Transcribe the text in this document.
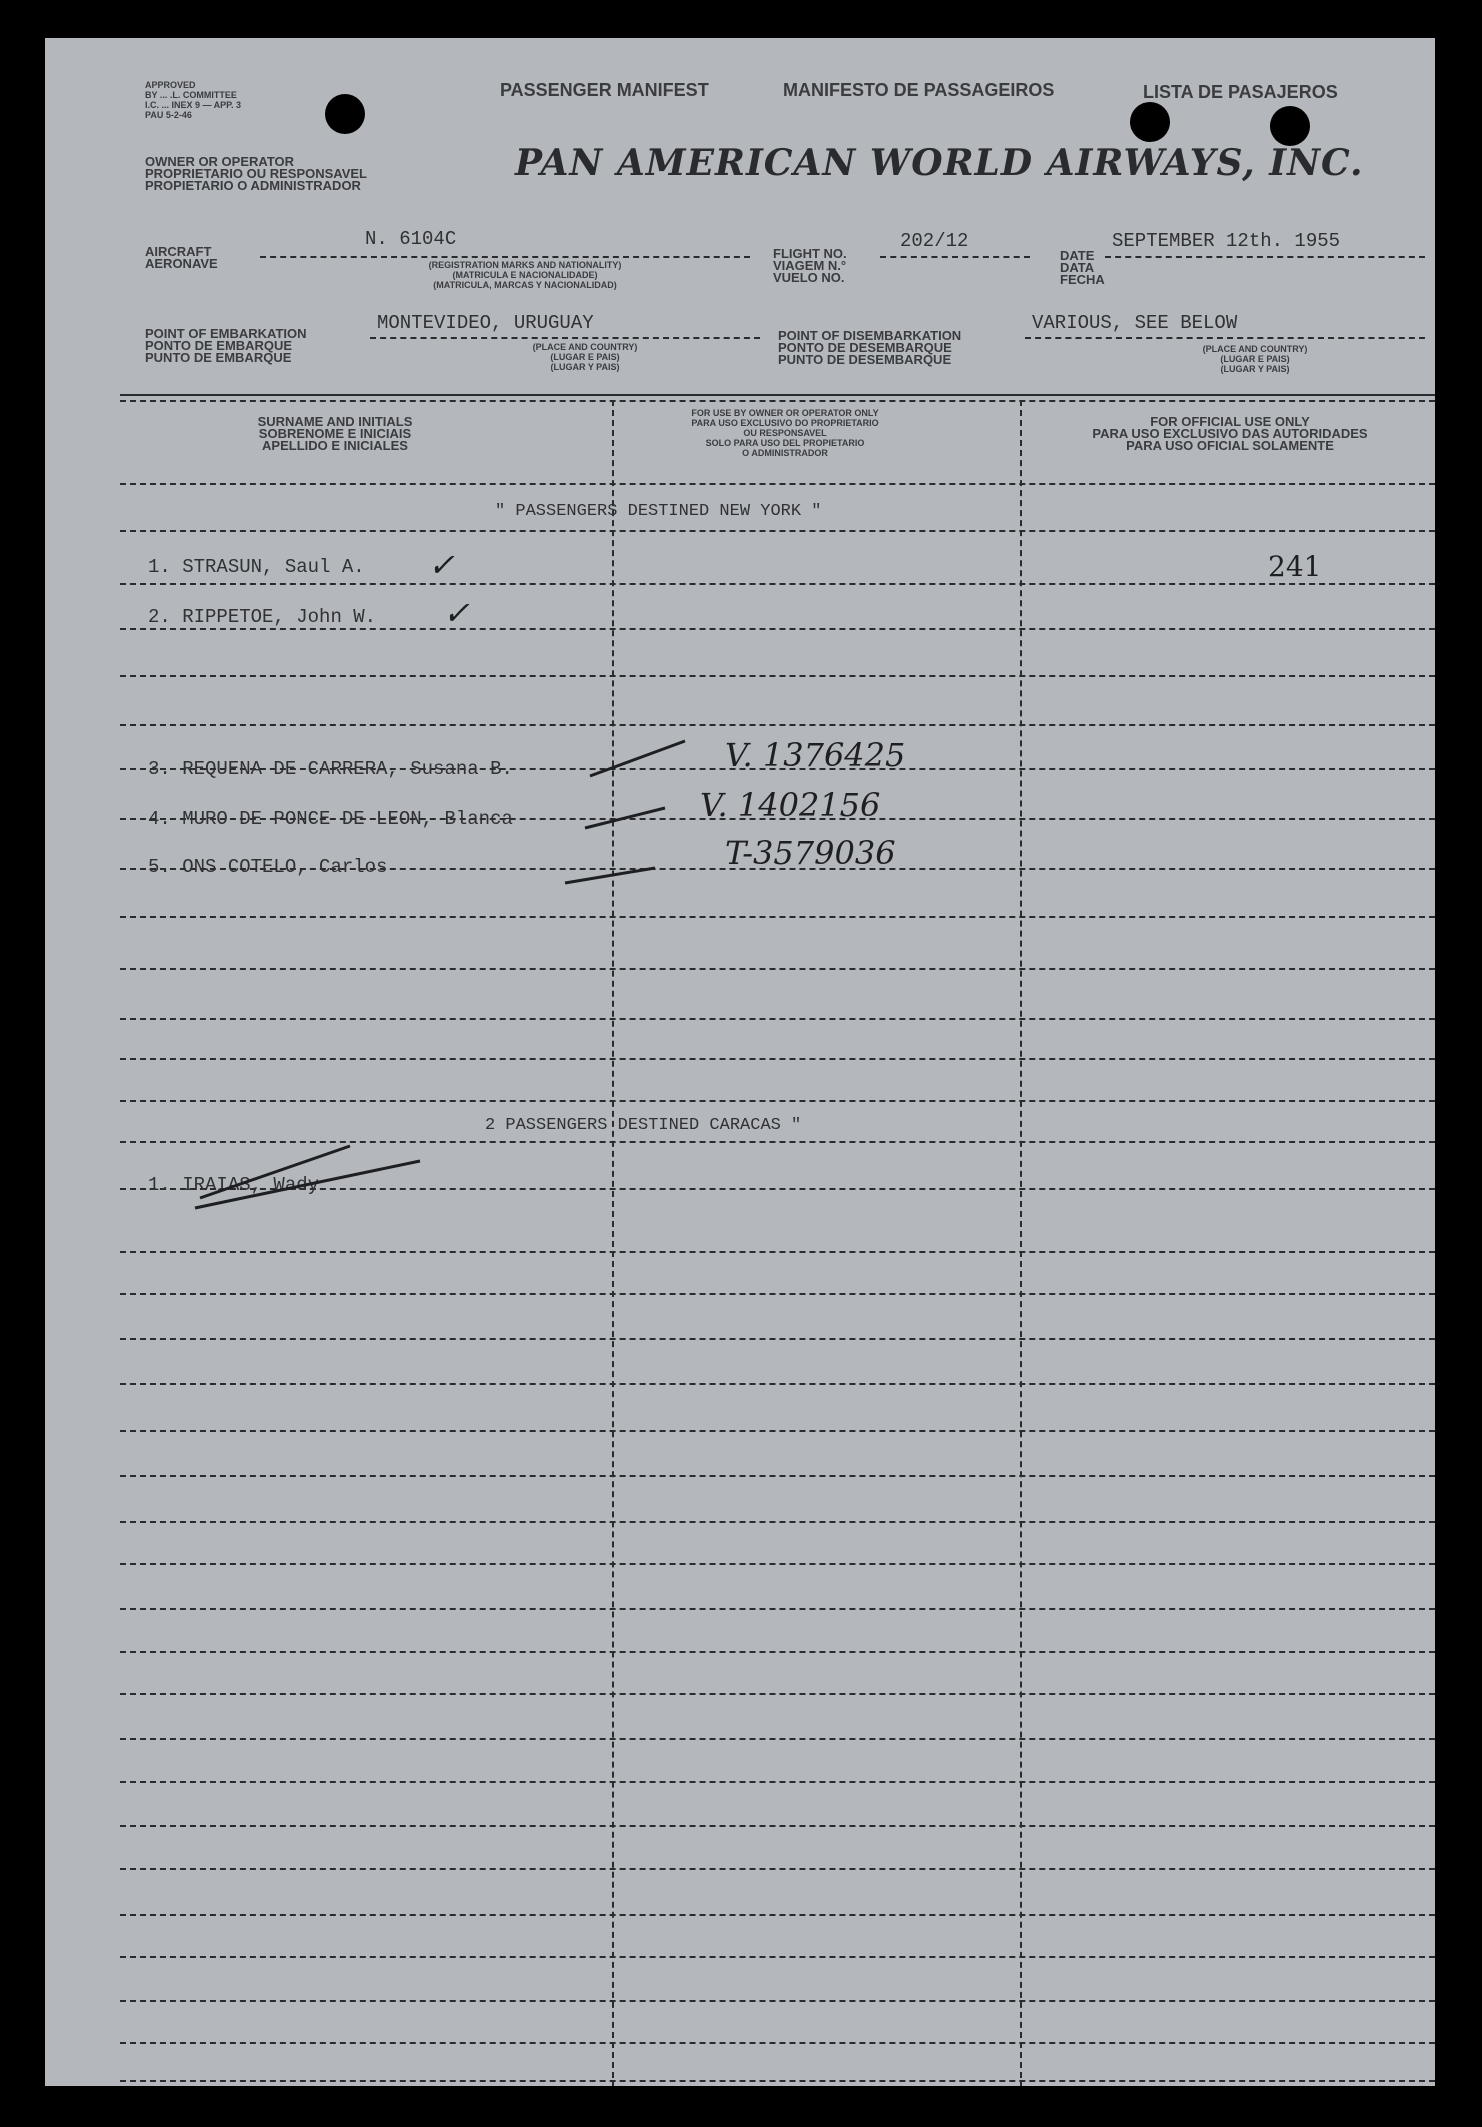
APPROVED
BY ... .L. COMMITTEE
I.C. ... INEX 9 — APP. 3
PAU 5-2-46
PASSENGER MANIFEST	MANIFESTO DE PASSAGEIROS	LISTA DE PASAJEROS
OWNER OR OPERATOR
PROPRIETARIO OU RESPONSAVEL
PROPIETARIO O ADMINISTRADOR
PAN AMERICAN WORLD AIRWAYS, INC.
AIRCRAFT
AERONAVE
N. 6104C
(REGISTRATION MARKS AND NATIONALITY)
(MATRICULA E NACIONALIDADE)
(MATRICULA, MARCAS Y NACIONALIDAD)
FLIGHT NO.
VIAGEM N.°
VUELO NO.
202/12
DATE
DATA
FECHA
SEPTEMBER 12th. 1955
POINT OF EMBARKATION
PONTO DE EMBARQUE
PUNTO DE EMBARQUE
MONTEVIDEO, URUGUAY
(PLACE AND COUNTRY)
(LUGAR E PAIS)
(LUGAR Y PAIS)
POINT OF DISEMBARKATION
PONTO DE DESEMBARQUE
PUNTO DE DESEMBARQUE
VARIOUS, SEE BELOW
(PLACE AND COUNTRY)
(LUGAR E PAIS)
(LUGAR Y PAIS)
SURNAME AND INITIALS
SOBRENOME E INICIAIS
APELLIDO E INICIALES
FOR USE BY OWNER OR OPERATOR ONLY
PARA USO EXCLUSIVO DO PROPRIETARIO
OU RESPONSAVEL
SOLO PARA USO DEL PROPIETARIO
O ADMINISTRADOR
FOR OFFICIAL USE ONLY
PARA USO EXCLUSIVO DAS AUTORIDADES
PARA USO OFICIAL SOLAMENTE
" PASSENGERS DESTINED NEW YORK "
1. STRASUN, Saul A. ✓	241
2. RIPPETOE, John W. ✓
3. REQUENA DE CARRERA, Susana B.	V. 1376425
4. MURO DE PONCE DE LEON, Blanca	V. 1402156
5. ONS COTELO, Carlos	T-3579036
2 PASSENGERS DESTINED CARACAS "
1. IRAIAS, Wady
